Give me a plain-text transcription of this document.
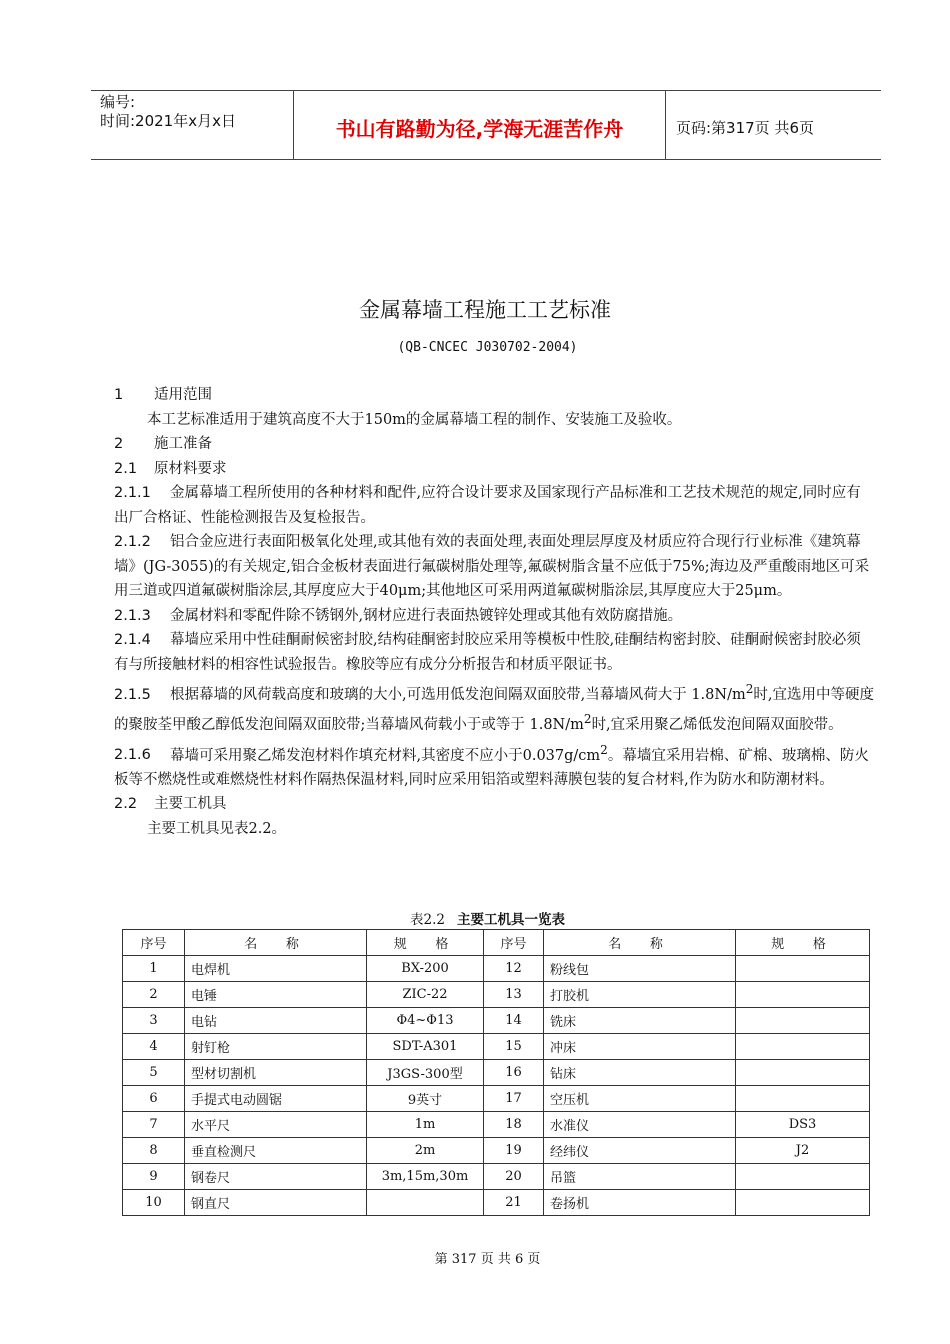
编号:
时间:2021年x月x日	书山有路勤为径,学海无涯苦作舟	页码:第317页 共6页
金属幕墙工程施工工艺标准
(QB-CNCEC J030702-2004)

1 适用范围

本工艺标准适用于建筑高度不大于150m的金属幕墙工程的制作、安装施工及验收。

2 施工准备

2.1 原材料要求

2.1.1 金属幕墙工程所使用的各种材料和配件,应符合设计要求及国家现行产品标准和工艺技术规范的规定,同时应有出厂合格证、性能检测报告及复检报告。

2.1.2 铝合金应进行表面阳极氧化处理,或其他有效的表面处理,表面处理层厚度及材质应符合现行行业标准《建筑幕墙》(JG-3055)的有关规定,铝合金板材表面进行氟碳树脂处理等,氟碳树脂含量不应低于75%;海边及严重酸雨地区可采用三道或四道氟碳树脂涂层,其厚度应大于40μm;其他地区可采用两道氟碳树脂涂层,其厚度应大于25μm。

2.1.3 金属材料和零配件除不锈钢外,钢材应进行表面热镀锌处理或其他有效防腐措施。

2.1.4 幕墙应采用中性硅酮耐候密封胶,结构硅酮密封胶应采用等模板中性胶,硅酮结构密封胶、硅酮耐候密封胶必须有与所接触材料的相容性试验报告。橡胶等应有成分分析报告和材质平限证书。

2.1.5 根据幕墙的风荷载高度和玻璃的大小,可选用低发泡间隔双面胶带,当幕墙风荷大于 $1.8N/m^2$时,宜选用中等硬度的聚胺荃甲酸乙醇低发泡间隔双面胶带;当幕墙风荷载小于或等于 $1.8N/m^2$时,宜采用聚乙烯低发泡间隔双面胶带。

2.1.6 幕墙可采用聚乙烯发泡材料作填充材料,其密度不应小于$0.037g/cm^2$。幕墙宜采用岩棉、矿棉、玻璃棉、防火板等不燃烧性或难燃烧性材料作隔热保温材料,同时应采用铝箔或塑料薄膜包装的复合材料,作为防水和防潮材料。

2.2 主要工机具

主要工机具见表2.2。

表2.2 主要工机具一览表
序号	名　称	规　格	序号	名　称	规　格
1	电焊机	BX-200	12	粉线包	
2	电锤	ZIC-22	13	打胶机	
3	电钻	Φ4~Φ13	14	铣床	
4	射钉枪	SDT-A301	15	冲床	
5	型材切割机	J3GS-300型	16	钻床	
6	手提式电动圆锯	9英寸	17	空压机	
7	水平尺	1m	18	水准仪	DS3
8	垂直检测尺	2m	19	经纬仪	J2
9	钢卷尺	3m,15m,30m	20	吊篮	
10	钢直尺		21	卷扬机	
第 317 页 共 6 页
